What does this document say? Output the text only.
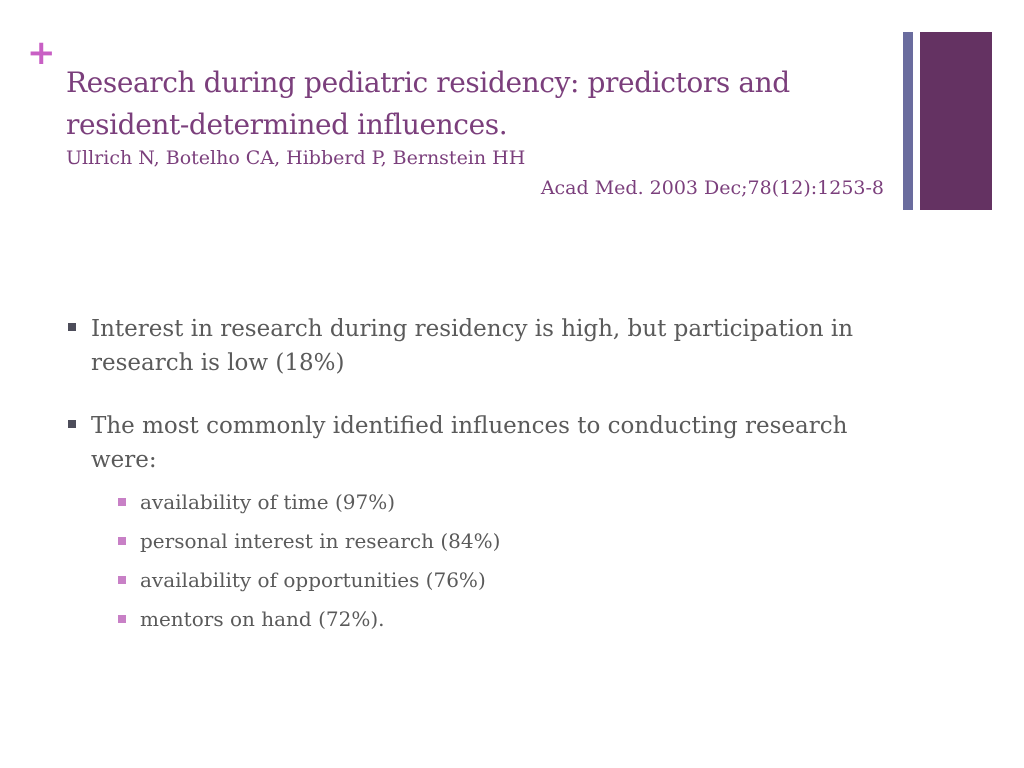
+
Research during pediatric residency: predictors and resident-determined influences.
Ullrich N, Botelho CA, Hibberd P, Bernstein HH
Acad Med. 2003 Dec;78(12):1253-8
Interest in research during residency is high, but participation in research is low (18%)
The most commonly identified influences to conducting research were:
availability of time (97%)
personal interest in research (84%)
availability of opportunities (76%)
mentors on hand (72%).
